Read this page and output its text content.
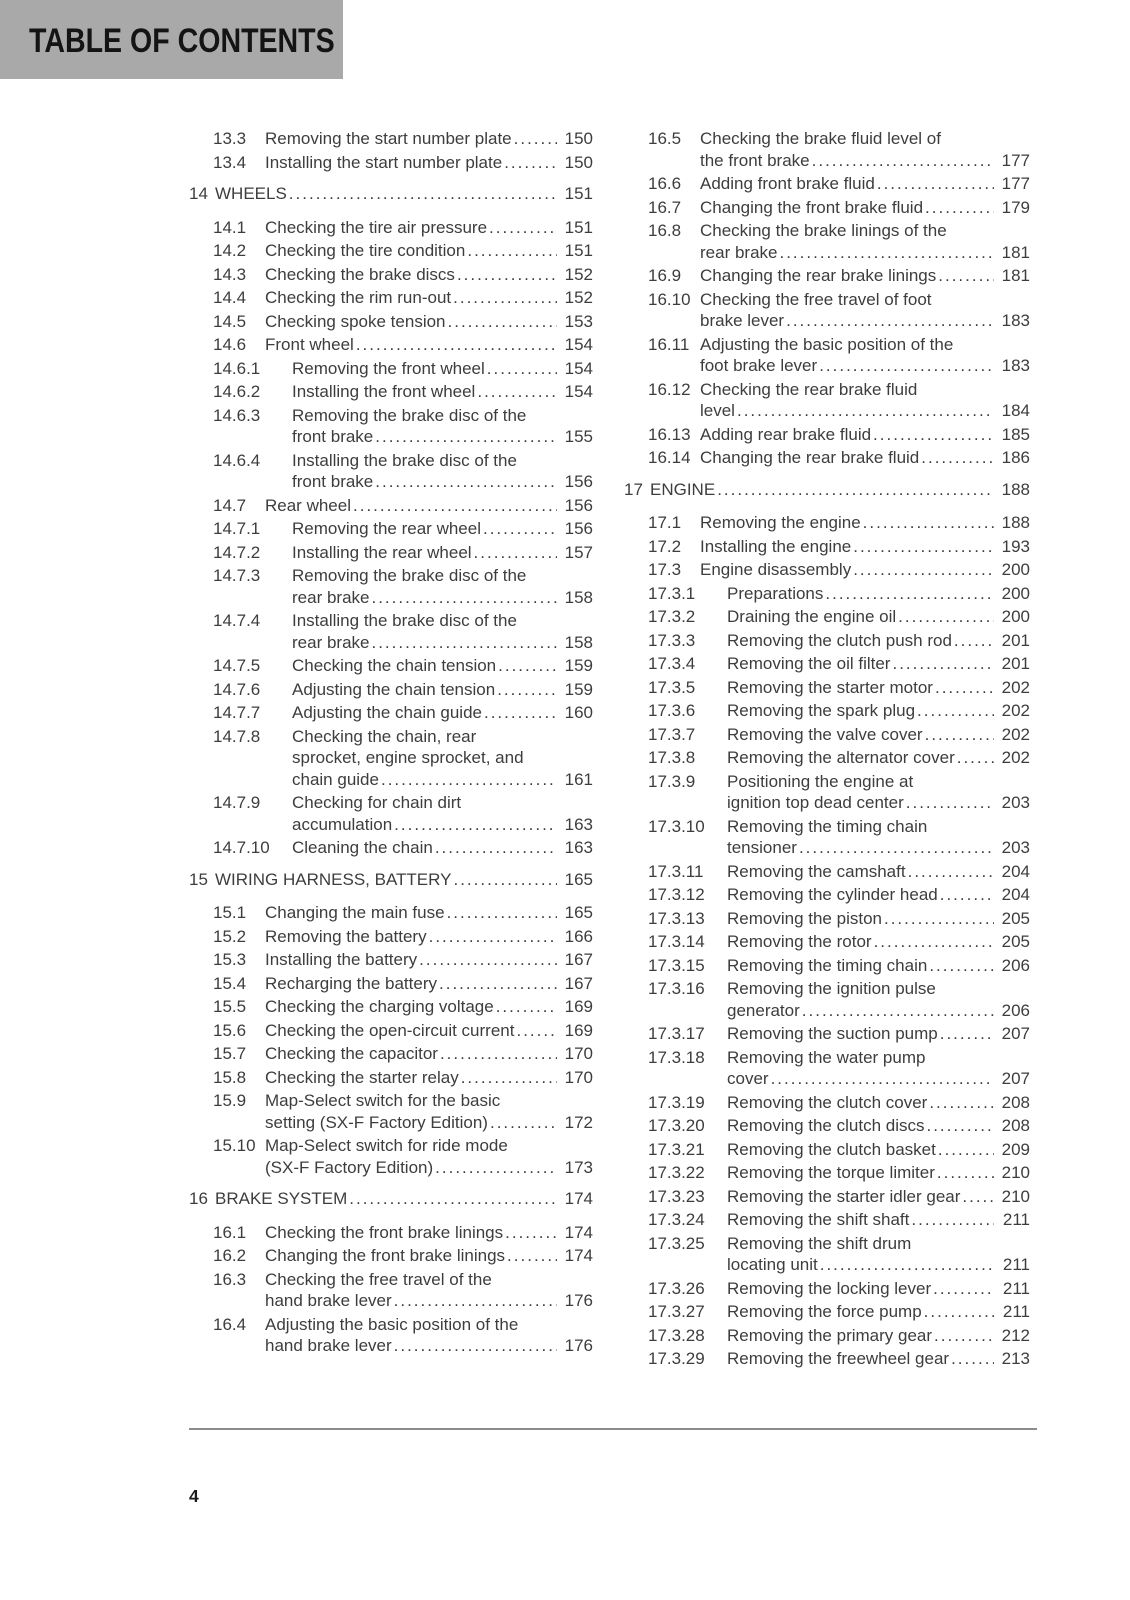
TABLE OF CONTENTS
13.3	Removing the start number plate .....	150
13.4	Installing the start number plate .....	150
14 WHEELS .....	151
14.1	Checking the tire air pressure .....	151
14.2	Checking the tire condition .....	151
14.3	Checking the brake discs .....	152
14.4	Checking the rim run-out .....	152
14.5	Checking spoke tension .....	153
14.6	Front wheel .....	154
14.6.1	Removing the front wheel .....	154
14.6.2	Installing the front wheel .....	154
14.6.3	Removing the brake disc of the
front brake .....	155
14.6.4	Installing the brake disc of the
front brake .....	156
14.7	Rear wheel .....	156
14.7.1	Removing the rear wheel .....	156
14.7.2	Installing the rear wheel .....	157
14.7.3	Removing the brake disc of the
rear brake .....	158
14.7.4	Installing the brake disc of the
rear brake .....	158
14.7.5	Checking the chain tension .....	159
14.7.6	Adjusting the chain tension .....	159
14.7.7	Adjusting the chain guide .....	160
14.7.8	Checking the chain, rear
sprocket, engine sprocket, and
chain guide .....	161
14.7.9	Checking for chain dirt
accumulation .....	163
14.7.10	Cleaning the chain .....	163
15 WIRING HARNESS, BATTERY .....	165
15.1	Changing the main fuse .....	165
15.2	Removing the battery .....	166
15.3	Installing the battery .....	167
15.4	Recharging the battery .....	167
15.5	Checking the charging voltage .....	169
15.6	Checking the open-circuit current .....	169
15.7	Checking the capacitor .....	170
15.8	Checking the starter relay .....	170
15.9	Map-Select switch for the basic
setting (SX-F Factory Edition) .....	172
15.10 Map-Select switch for ride mode
(SX-F Factory Edition) .....	173
16 BRAKE SYSTEM .....	174
16.1	Checking the front brake linings .....	174
16.2	Changing the front brake linings .....	174
16.3	Checking the free travel of the
hand brake lever .....	176
16.4	Adjusting the basic position of the
hand brake lever .....	176
16.5	Checking the brake fluid level of
the front brake .....	177
16.6	Adding front brake fluid .....	177
16.7	Changing the front brake fluid .....	179
16.8	Checking the brake linings of the
rear brake .....	181
16.9	Changing the rear brake linings .....	181
16.10 Checking the free travel of foot
brake lever .....	183
16.11 Adjusting the basic position of the
foot brake lever .....	183
16.12 Checking the rear brake fluid
level .....	184
16.13 Adding rear brake fluid .....	185
16.14 Changing the rear brake fluid .....	186
17 ENGINE .....	188
17.1	Removing the engine .....	188
17.2	Installing the engine .....	193
17.3	Engine disassembly .....	200
17.3.1	Preparations .....	200
17.3.2	Draining the engine oil .....	200
17.3.3	Removing the clutch push rod .....	201
17.3.4	Removing the oil filter .....	201
17.3.5	Removing the starter motor .....	202
17.3.6	Removing the spark plug .....	202
17.3.7	Removing the valve cover .....	202
17.3.8	Removing the alternator cover .....	202
17.3.9	Positioning the engine at
ignition top dead center .....	203
17.3.10	Removing the timing chain
tensioner .....	203
17.3.11	Removing the camshaft .....	204
17.3.12	Removing the cylinder head .....	204
17.3.13	Removing the piston .....	205
17.3.14	Removing the rotor .....	205
17.3.15	Removing the timing chain .....	206
17.3.16	Removing the ignition pulse
generator .....	206
17.3.17	Removing the suction pump .....	207
17.3.18	Removing the water pump
cover .....	207
17.3.19	Removing the clutch cover .....	208
17.3.20	Removing the clutch discs .....	208
17.3.21	Removing the clutch basket .....	209
17.3.22	Removing the torque limiter .....	210
17.3.23	Removing the starter idler gear .....	210
17.3.24	Removing the shift shaft .....	211
17.3.25	Removing the shift drum
locating unit .....	211
17.3.26	Removing the locking lever .....	211
17.3.27	Removing the force pump .....	211
17.3.28	Removing the primary gear .....	212
17.3.29	Removing the freewheel gear .....	213
4
